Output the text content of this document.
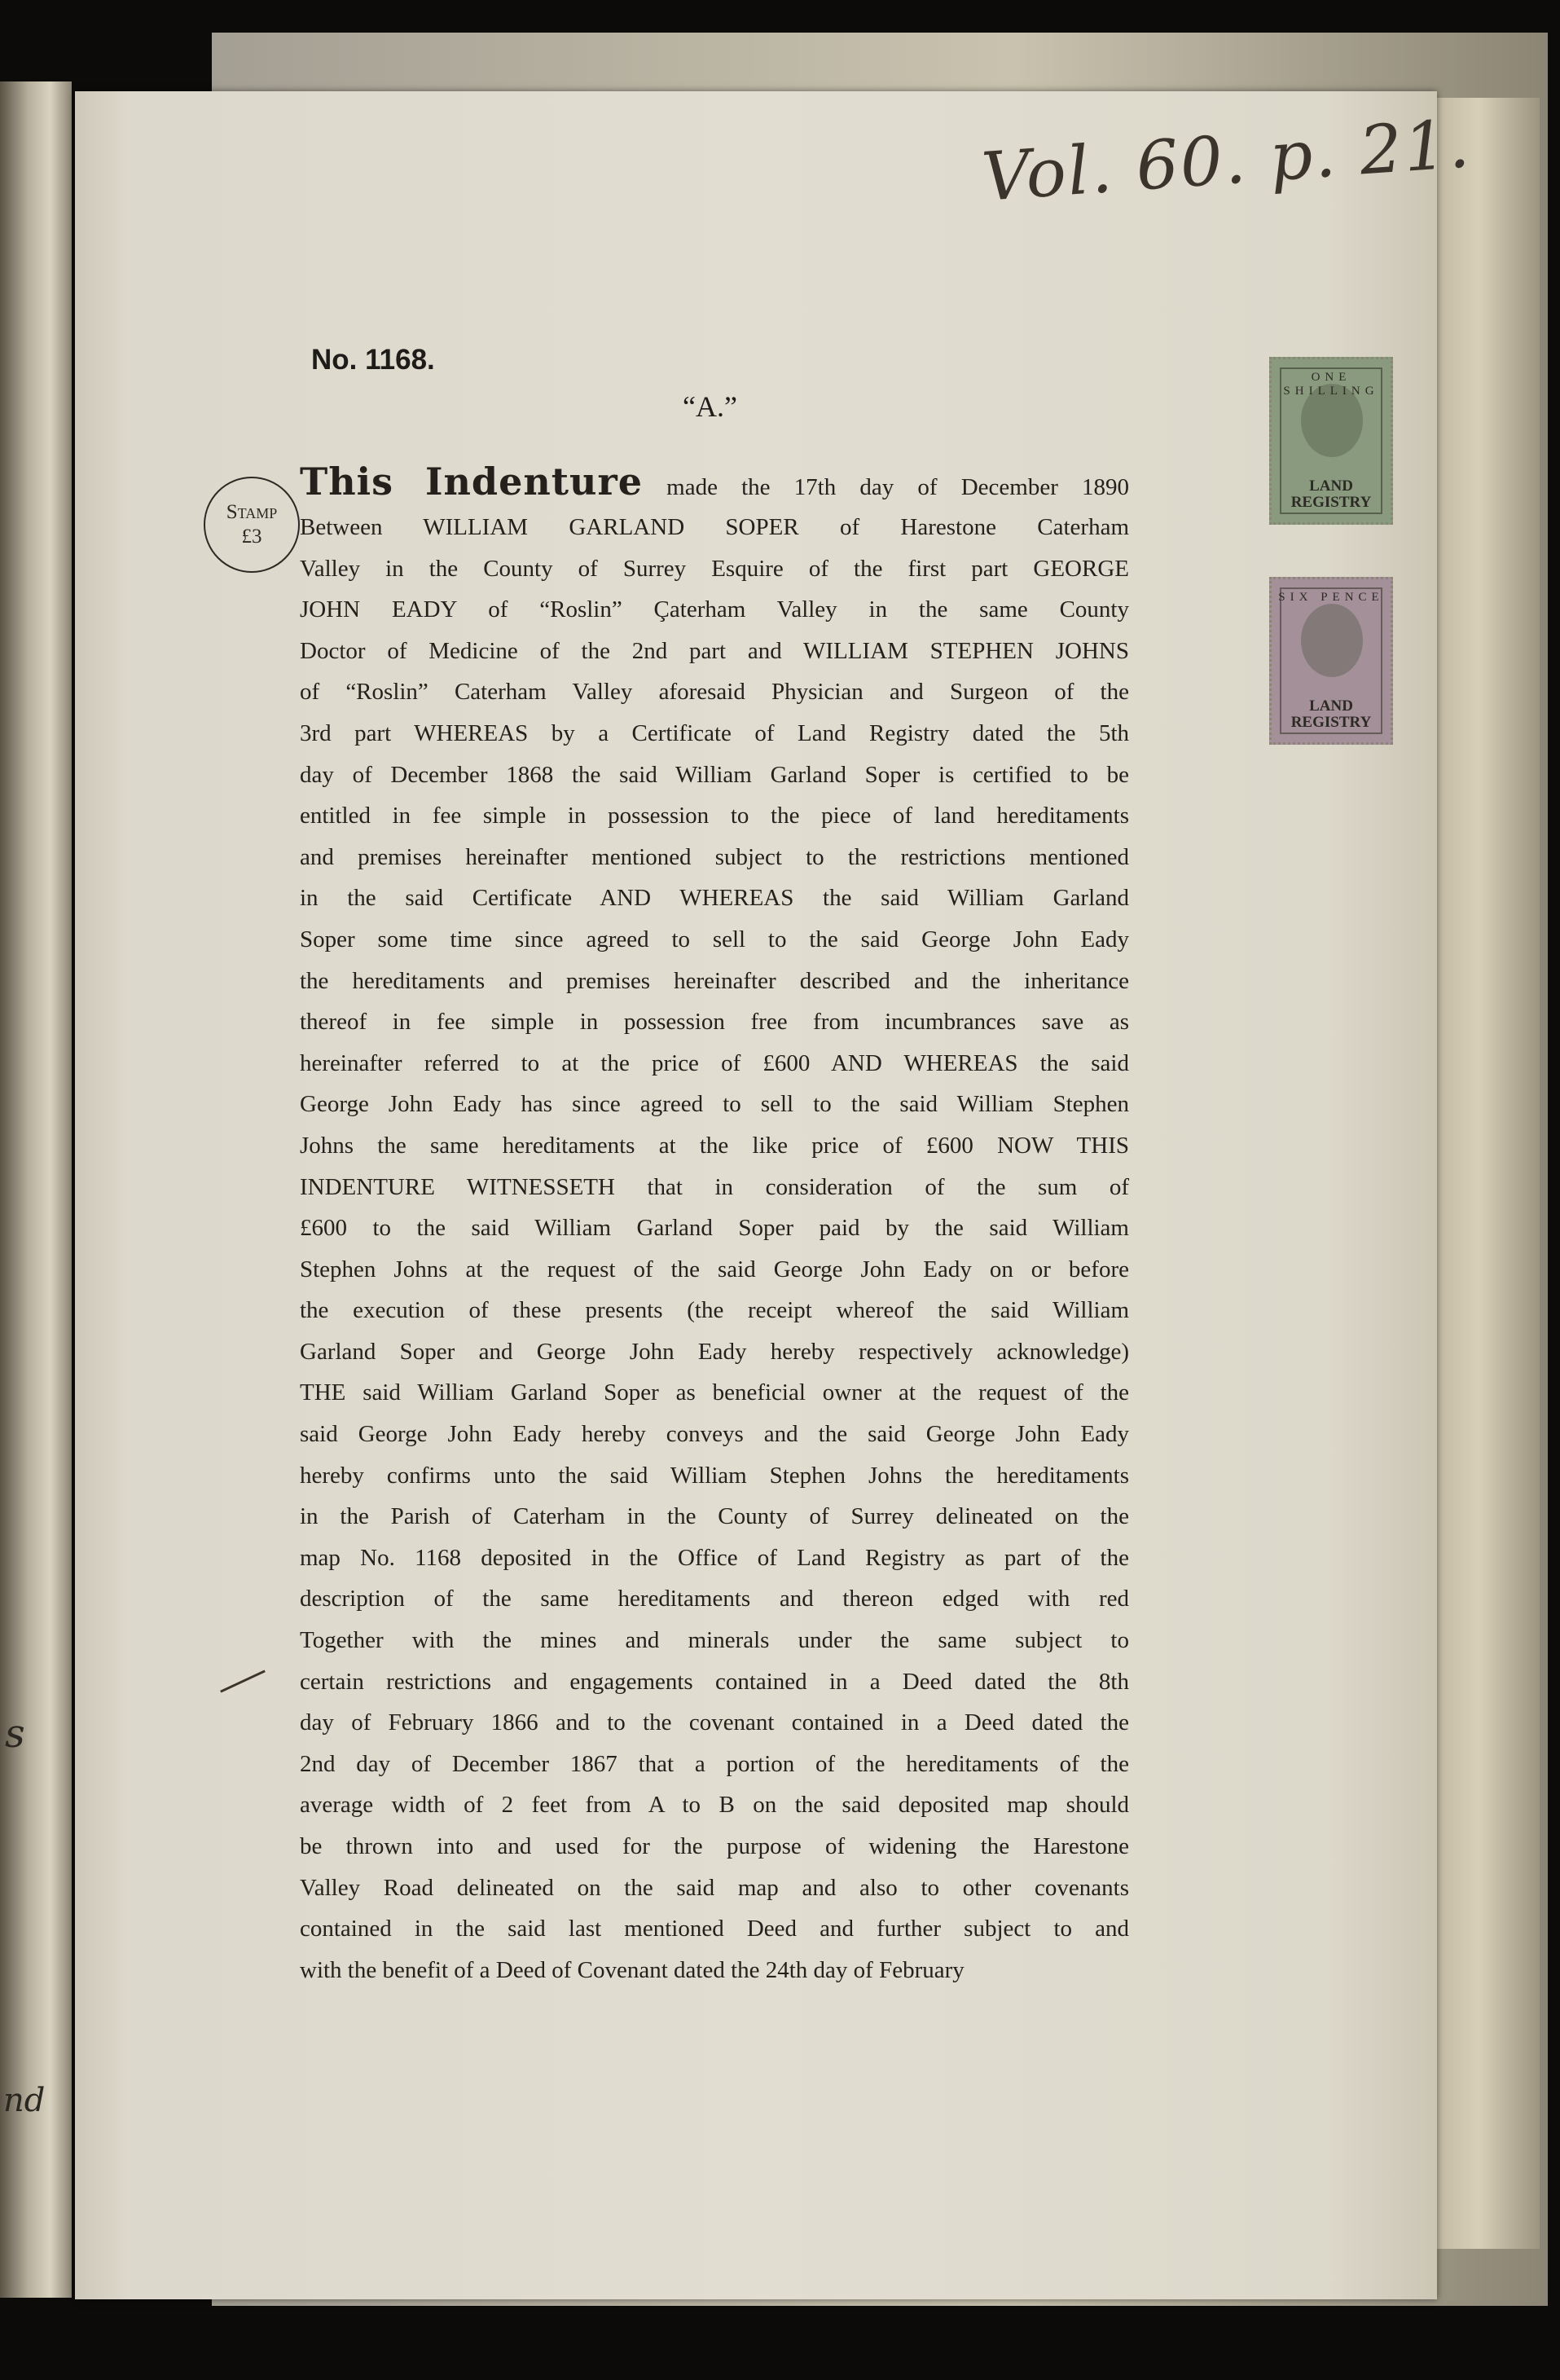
s
nd
Vol. 60. p. 21.
No. 1168.
“A.”
Stamp
£3
ONE SHILLING
LAND REGISTRY
SIX PENCE
LAND REGISTRY
This Indenture made the 17th day of December 1890
Between WILLIAM GARLAND SOPER of Harestone Caterham
Valley in the County of Surrey Esquire of the first part GEORGE
JOHN EADY of “Roslin” Çaterham Valley in the same County
Doctor of Medicine of the 2nd part and WILLIAM STEPHEN JOHNS
of “Roslin” Caterham Valley aforesaid Physician and Surgeon of the
3rd part WHEREAS by a Certificate of Land Registry dated the 5th
day of December 1868 the said William Garland Soper is certified to be
entitled in fee simple in possession to the piece of land hereditaments
and premises hereinafter mentioned subject to the restrictions mentioned
in the said Certificate AND WHEREAS the said William Garland
Soper some time since agreed to sell to the said George John Eady
the hereditaments and premises hereinafter described and the inheritance
thereof in fee simple in possession free from incumbrances save as
hereinafter referred to at the price of £600 AND WHEREAS the said
George John Eady has since agreed to sell to the said William Stephen
Johns the same hereditaments at the like price of £600 NOW THIS
INDENTURE WITNESSETH that in consideration of the sum of
£600 to the said William Garland Soper paid by the said William
Stephen Johns at the request of the said George John Eady on or before
the execution of these presents (the receipt whereof the said William
Garland Soper and George John Eady hereby respectively acknowledge)
THE said William Garland Soper as beneficial owner at the request of the
said George John Eady hereby conveys and the said George John Eady
hereby confirms unto the said William Stephen Johns the hereditaments
in the Parish of Caterham in the County of Surrey delineated on the
map No. 1168 deposited in the Office of Land Registry as part of the
description of the same hereditaments and thereon edged with red
Together with the mines and minerals under the same subject to
certain restrictions and engagements contained in a Deed dated the 8th
day of February 1866 and to the covenant contained in a Deed dated the
2nd day of December 1867 that a portion of the hereditaments of the
average width of 2 feet from A to B on the said deposited map should
be thrown into and used for the purpose of widening the Harestone
Valley Road delineated on the said map and also to other covenants
contained in the said last mentioned Deed and further subject to and
with the benefit of a Deed of Covenant dated the 24th day of February
